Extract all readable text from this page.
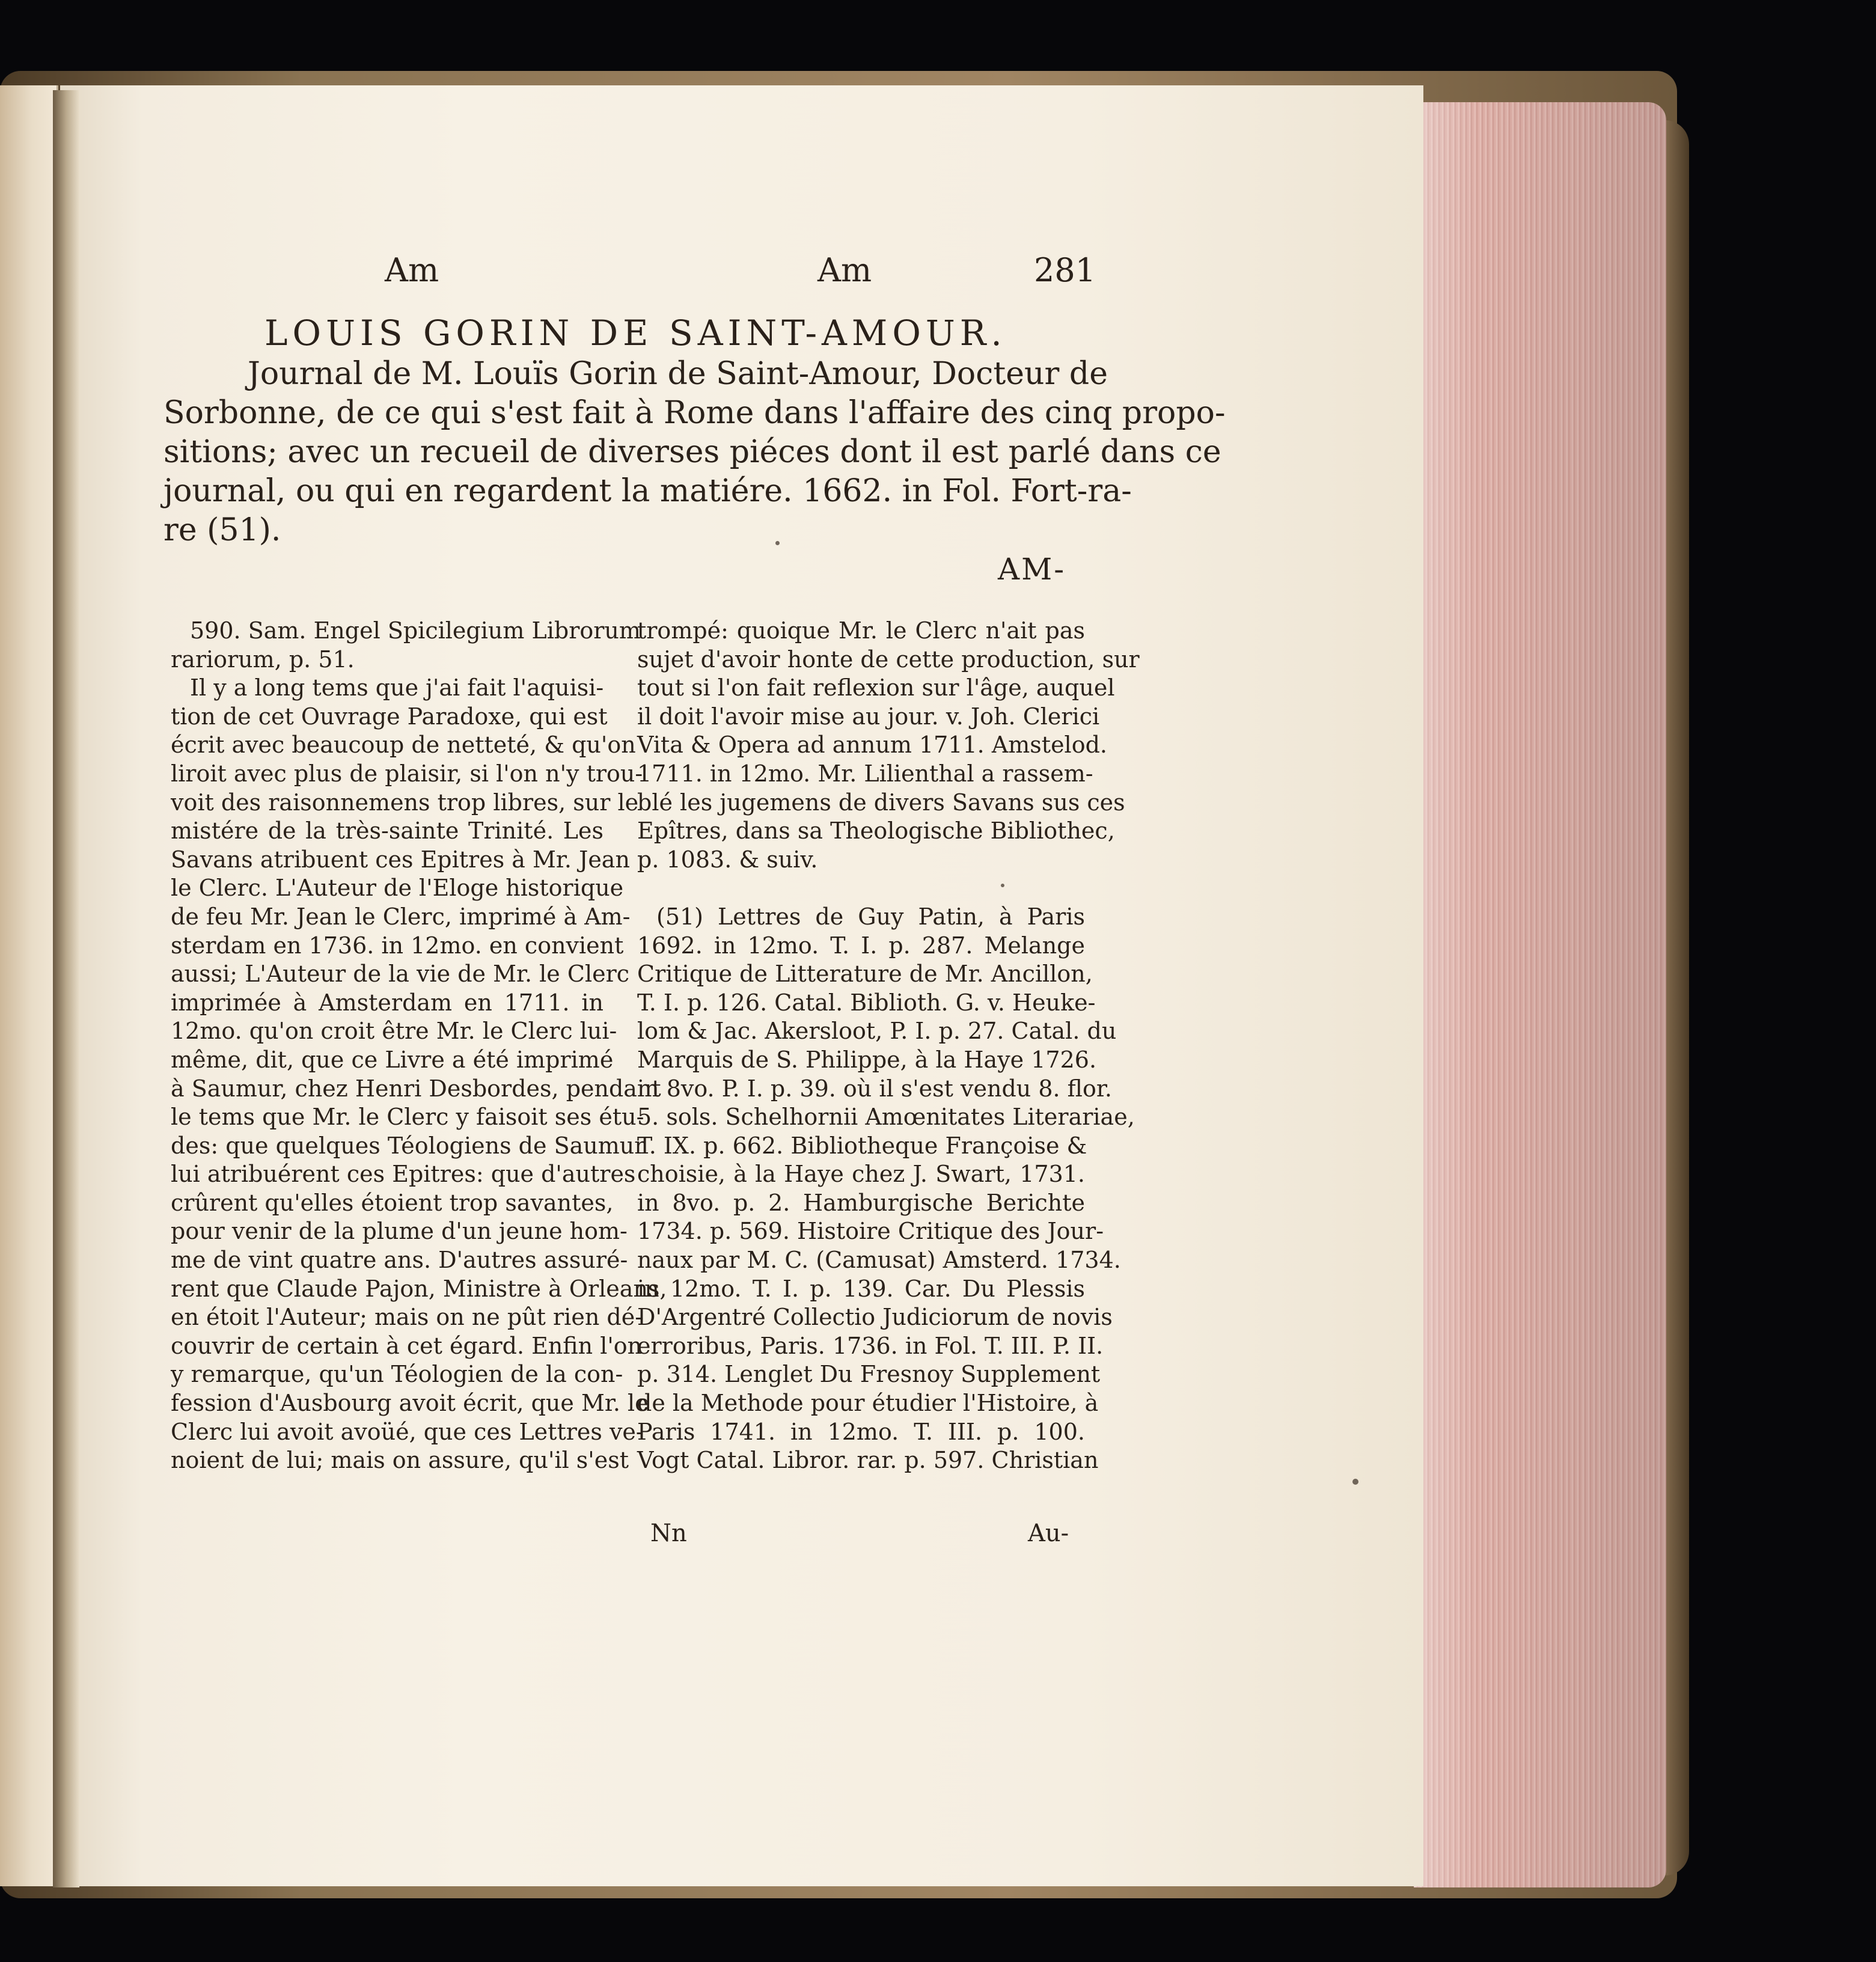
Am	Am	281
LOUIS GORIN DE SAINT-AMOUR.
Journal de M. Louïs Gorin de Saint-Amour, Docteur de
Sorbonne, de ce qui s'est fait à Rome dans l'affaire des cinq propo-
sitions; avec un recueil de diverses piéces dont il est parlé dans ce
journal, ou qui en regardent la matiére. 1662. in Fol. Fort-ra-
re (51).
AM-
590. Sam. Engel Spicilegium Librorum
rariorum, p. 51.
Il y a long tems que j'ai fait l'aquisi-
tion de cet Ouvrage Paradoxe, qui est
écrit avec beaucoup de netteté, & qu'on
liroit avec plus de plaisir, si l'on n'y trou-
voit des raisonnemens trop libres, sur le
mistére de la très-sainte Trinité. Les
Savans atribuent ces Epitres à Mr. Jean
le Clerc. L'Auteur de l'Eloge historique
de feu Mr. Jean le Clerc, imprimé à Am-
sterdam en 1736. in 12mo. en convient
aussi; L'Auteur de la vie de Mr. le Clerc
imprimée à Amsterdam en 1711. in
12mo. qu'on croit être Mr. le Clerc lui-
même, dit, que ce Livre a été imprimé
à Saumur, chez Henri Desbordes, pendant
le tems que Mr. le Clerc y faisoit ses étu-
des: que quelques Téologiens de Saumur
lui atribuérent ces Epitres: que d'autres
crûrent qu'elles étoient trop savantes,
pour venir de la plume d'un jeune hom-
me de vint quatre ans. D'autres assuré-
rent que Claude Pajon, Ministre à Orleans,
en étoit l'Auteur; mais on ne pût rien dé-
couvrir de certain à cet égard. Enfin l'on
y remarque, qu'un Téologien de la con-
fession d'Ausbourg avoit écrit, que Mr. le
Clerc lui avoit avoüé, que ces Lettres ve-
noient de lui; mais on assure, qu'il s'est
trompé: quoique Mr. le Clerc n'ait pas
sujet d'avoir honte de cette production, sur
tout si l'on fait reflexion sur l'âge, auquel
il doit l'avoir mise au jour. v. Joh. Clerici
Vita & Opera ad annum 1711. Amstelod.
1711. in 12mo. Mr. Lilienthal a rassem-
blé les jugemens de divers Savans sus ces
Epîtres, dans sa Theologische Bibliothec,
p. 1083. & suiv.
(51) Lettres de Guy Patin, à Paris
1692. in 12mo. T. I. p. 287. Melange
Critique de Litterature de Mr. Ancillon,
T. I. p. 126. Catal. Biblioth. G. v. Heuke-
lom & Jac. Akersloot, P. I. p. 27. Catal. du
Marquis de S. Philippe, à la Haye 1726.
in 8vo. P. I. p. 39. où il s'est vendu 8. flor.
5. sols. Schelhornii Amœnitates Literariae,
T. IX. p. 662. Bibliotheque Françoise &
choisie, à la Haye chez J. Swart, 1731.
in 8vo. p. 2. Hamburgische Berichte
1734. p. 569. Histoire Critique des Jour-
naux par M. C. (Camusat) Amsterd. 1734.
in 12mo. T. I. p. 139. Car. Du Plessis
D'Argentré Collectio Judiciorum de novis
erroribus, Paris. 1736. in Fol. T. III. P. II.
p. 314. Lenglet Du Fresnoy Supplement
de la Methode pour étudier l'Histoire, à
Paris 1741. in 12mo. T. III. p. 100.
Vogt Catal. Libror. rar. p. 597. Christian
Nn	Au-
